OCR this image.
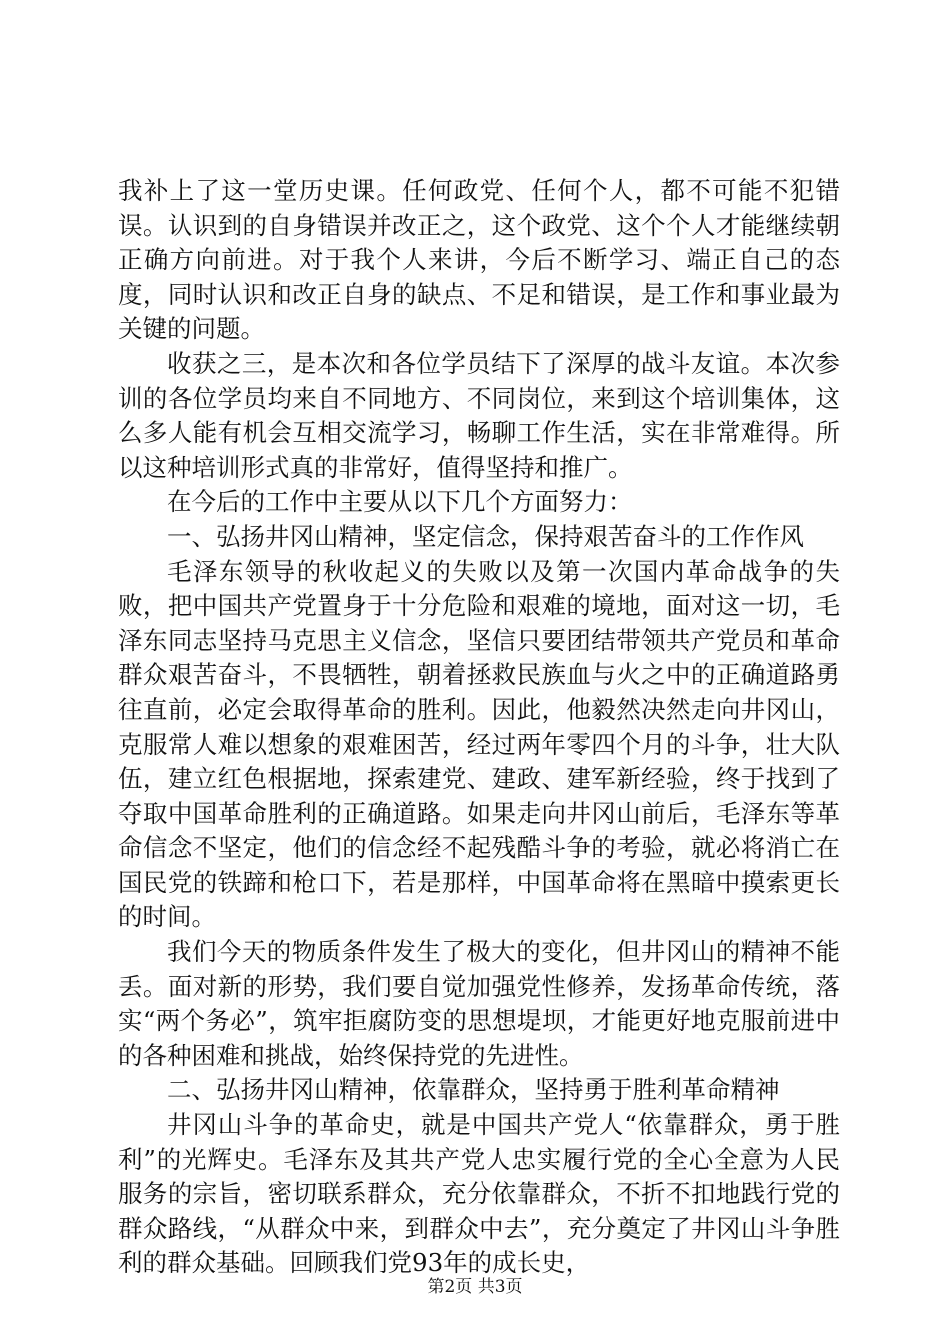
我补上了这一堂历史课。任何政党、任何个人，都不可能不犯错误。认识到的自身错误并改正之，这个政党、这个个人才能继续朝正确方向前进。对于我个人来讲，今后不断学习、端正自己的态度，同时认识和改正自身的缺点、不足和错误，是工作和事业最为关键的问题。

收获之三，是本次和各位学员结下了深厚的战斗友谊。本次参训的各位学员均来自不同地方、不同岗位，来到这个培训集体，这么多人能有机会互相交流学习，畅聊工作生活，实在非常难得。所以这种培训形式真的非常好，值得坚持和推广。

在今后的工作中主要从以下几个方面努力：

一、弘扬井冈山精神，坚定信念，保持艰苦奋斗的工作作风

毛泽东领导的秋收起义的失败以及第一次国内革命战争的失败，把中国共产党置身于十分危险和艰难的境地，面对这一切，毛泽东同志坚持马克思主义信念，坚信只要团结带领共产党员和革命群众艰苦奋斗，不畏牺牲，朝着拯救民族血与火之中的正确道路勇往直前，必定会取得革命的胜利。因此，他毅然决然走向井冈山，克服常人难以想象的艰难困苦，经过两年零四个月的斗争，壮大队伍，建立红色根据地，探索建党、建政、建军新经验，终于找到了夺取中国革命胜利的正确道路。如果走向井冈山前后，毛泽东等革命信念不坚定，他们的信念经不起残酷斗争的考验，就必将消亡在国民党的铁蹄和枪口下，若是那样，中国革命将在黑暗中摸索更长的时间。

我们今天的物质条件发生了极大的变化，但井冈山的精神不能丢。面对新的形势，我们要自觉加强党性修养，发扬革命传统，落实“两个务必”，筑牢拒腐防变的思想堤坝，才能更好地克服前进中的各种困难和挑战，始终保持党的先进性。

二、弘扬井冈山精神，依靠群众，坚持勇于胜利革命精神

井冈山斗争的革命史，就是中国共产党人“依靠群众，勇于胜利”的光辉史。毛泽东及其共产党人忠实履行党的全心全意为人民服务的宗旨，密切联系群众，充分依靠群众，不折不扣地践行党的群众路线，“从群众中来，到群众中去”，充分奠定了井冈山斗争胜利的群众基础。回顾我们党93年的成长史，

第2页 共3页
